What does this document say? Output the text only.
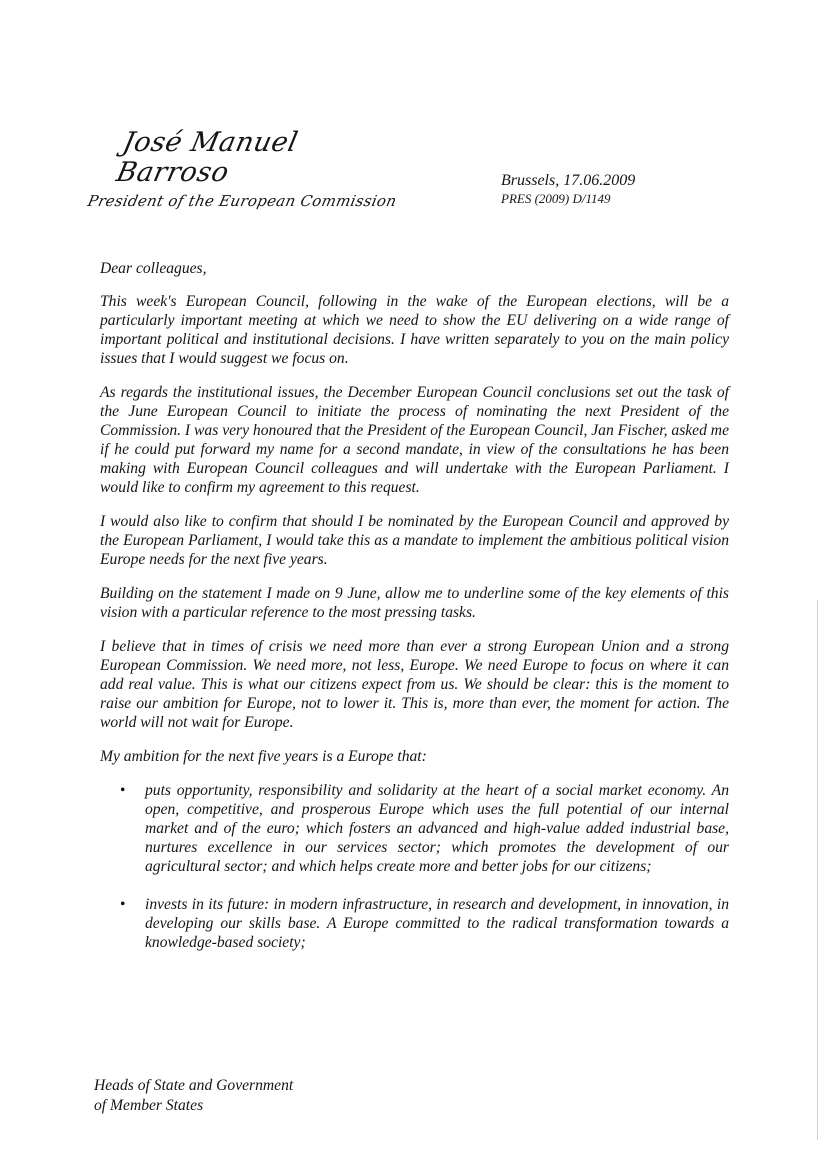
José Manuel Barroso
President of the European Commission
Brussels, 17.06.2009
PRES (2009) D/1149

Dear colleagues,

This week's European Council, following in the wake of the European elections, will be a particularly important meeting at which we need to show the EU delivering on a wide range of important political and institutional decisions. I have written separately to you on the main policy issues that I would suggest we focus on.

As regards the institutional issues, the December European Council conclusions set out the task of the June European Council to initiate the process of nominating the next President of the Commission. I was very honoured that the President of the European Council, Jan Fischer, asked me if he could put forward my name for a second mandate, in view of the consultations he has been making with European Council colleagues and will undertake with the European Parliament. I would like to confirm my agreement to this request.

I would also like to confirm that should I be nominated by the European Council and approved by the European Parliament, I would take this as a mandate to implement the ambitious political vision Europe needs for the next five years.

Building on the statement I made on 9 June, allow me to underline some of the key elements of this vision with a particular reference to the most pressing tasks.

I believe that in times of crisis we need more than ever a strong European Union and a strong European Commission. We need more, not less, Europe. We need Europe to focus on where it can add real value. This is what our citizens expect from us. We should be clear: this is the moment to raise our ambition for Europe, not to lower it. This is, more than ever, the moment for action. The world will not wait for Europe.

My ambition for the next five years is a Europe that:

• puts opportunity, responsibility and solidarity at the heart of a social market economy. An open, competitive, and prosperous Europe which uses the full potential of our internal market and of the euro; which fosters an advanced and high-value added industrial base, nurtures excellence in our services sector; which promotes the development of our agricultural sector; and which helps create more and better jobs for our citizens;
• invests in its future: in modern infrastructure, in research and development, in innovation, in developing our skills base. A Europe committed to the radical transformation towards a knowledge-based society;
Heads of State and Government
of Member States
